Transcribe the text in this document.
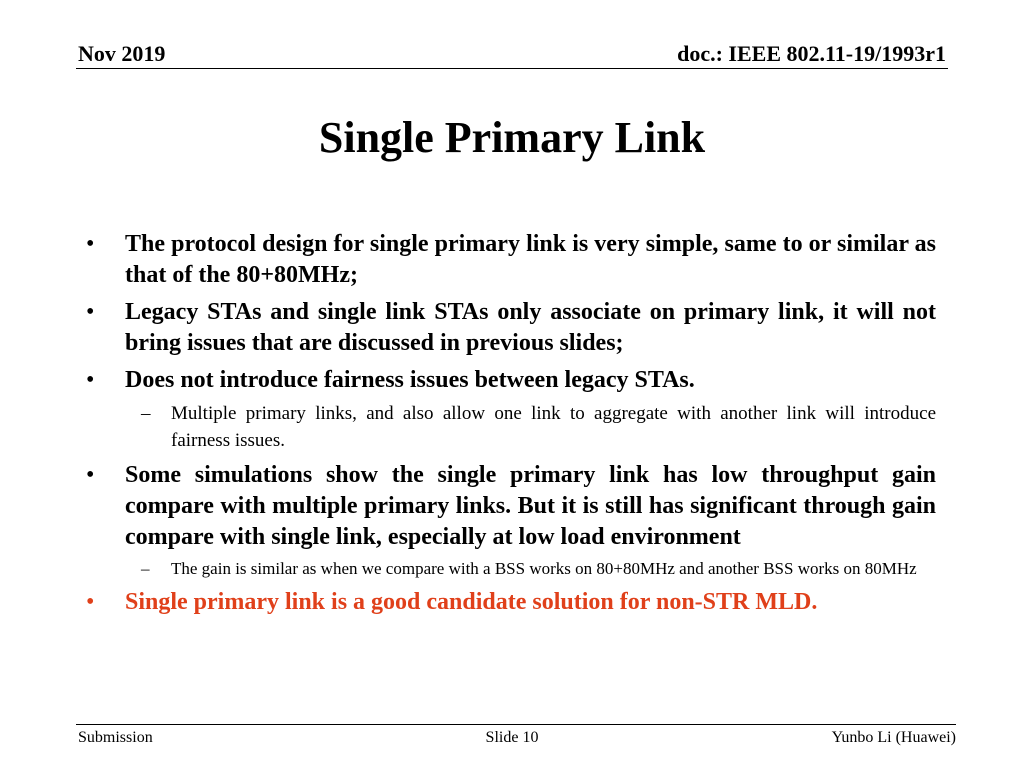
Nov 2019	doc.: IEEE 802.11-19/1993r1
Single Primary Link
• The protocol design for single primary link is very simple, same to or similar as that of the 80+80MHz;
• Legacy STAs and single link STAs only associate on primary link, it will not bring issues that are discussed in previous slides;
• Does not introduce fairness issues between legacy STAs.
– Multiple primary links, and also allow one link to aggregate with another link will introduce fairness issues.
• Some simulations show the single primary link has low throughput gain compare with multiple primary links. But it is still has significant through gain compare with single link, especially at low load environment
– The gain is similar as when we compare with a BSS works on 80+80MHz and another BSS works on 80MHz
• Single primary link is a good candidate solution for non-STR MLD.
Submission	Slide 10	Yunbo Li (Huawei)
